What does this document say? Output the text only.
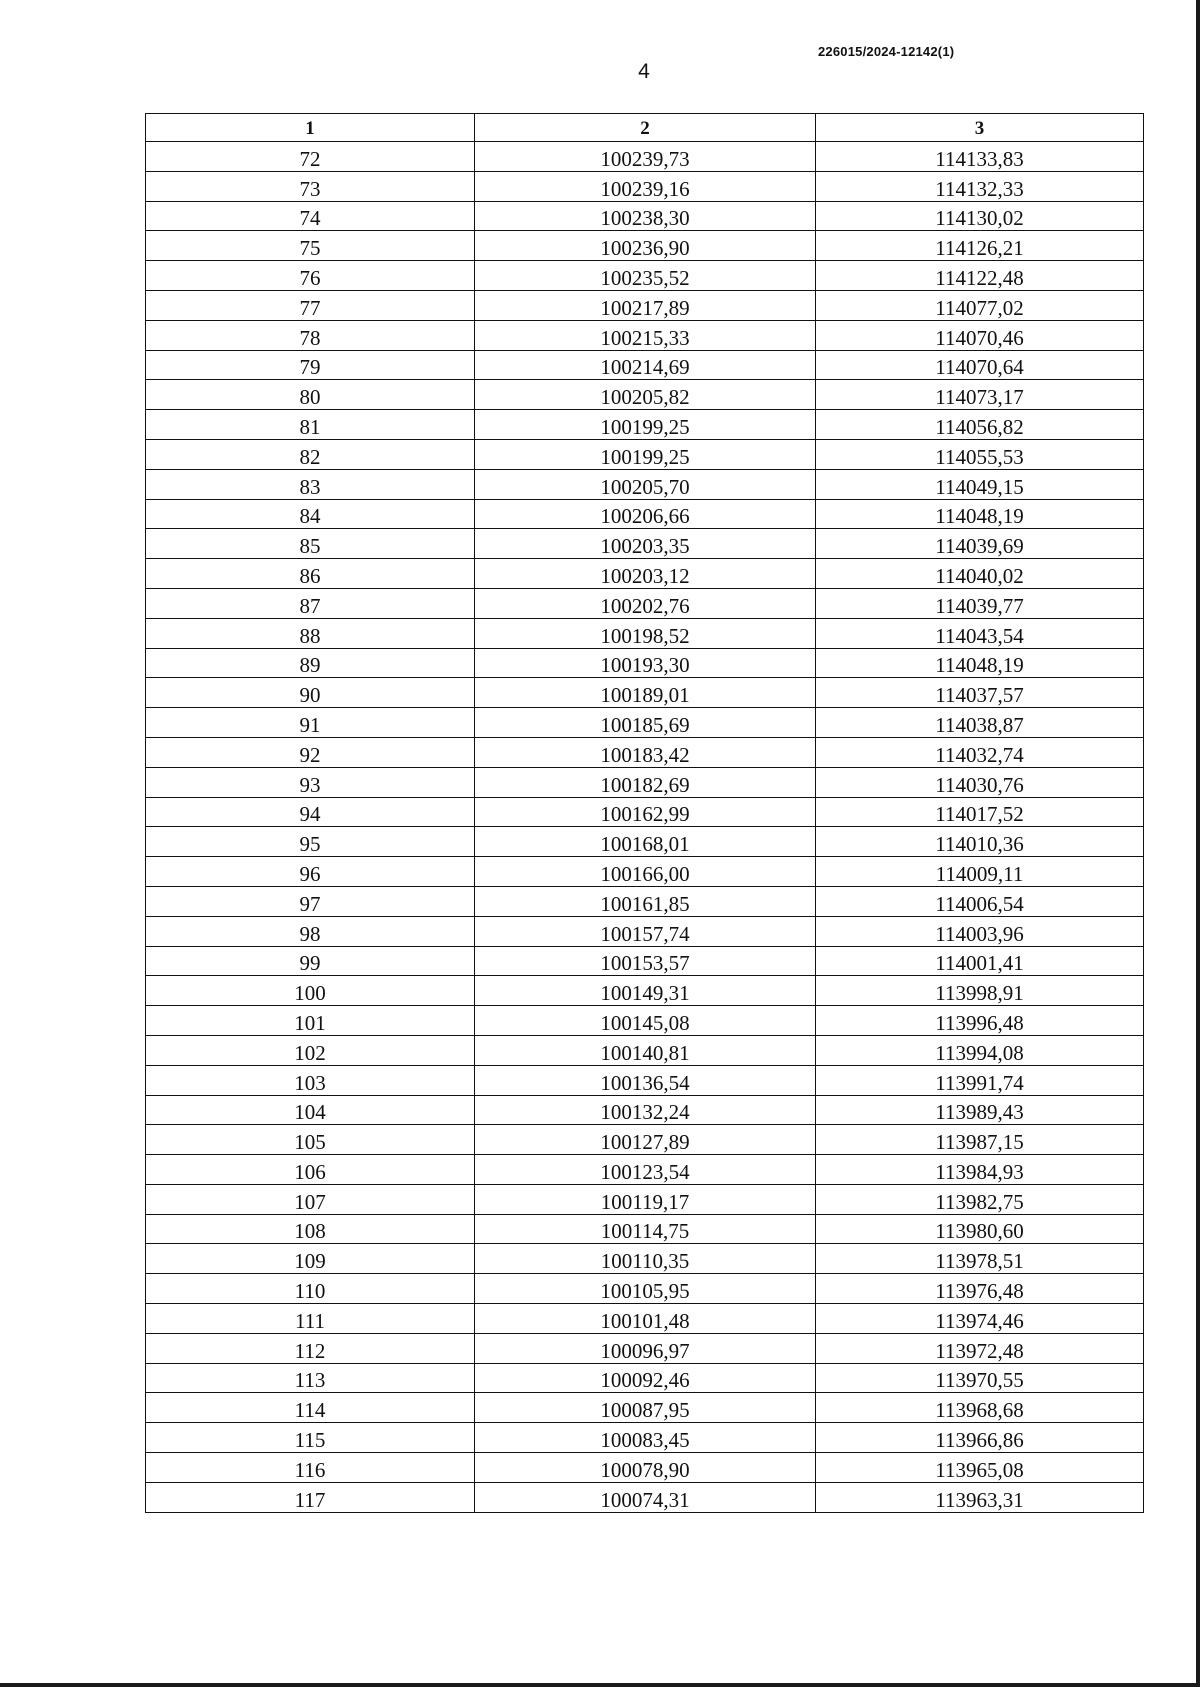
226015/2024-12142(1)
4
1	2	3
72	100239,73	114133,83
73	100239,16	114132,33
74	100238,30	114130,02
75	100236,90	114126,21
76	100235,52	114122,48
77	100217,89	114077,02
78	100215,33	114070,46
79	100214,69	114070,64
80	100205,82	114073,17
81	100199,25	114056,82
82	100199,25	114055,53
83	100205,70	114049,15
84	100206,66	114048,19
85	100203,35	114039,69
86	100203,12	114040,02
87	100202,76	114039,77
88	100198,52	114043,54
89	100193,30	114048,19
90	100189,01	114037,57
91	100185,69	114038,87
92	100183,42	114032,74
93	100182,69	114030,76
94	100162,99	114017,52
95	100168,01	114010,36
96	100166,00	114009,11
97	100161,85	114006,54
98	100157,74	114003,96
99	100153,57	114001,41
100	100149,31	113998,91
101	100145,08	113996,48
102	100140,81	113994,08
103	100136,54	113991,74
104	100132,24	113989,43
105	100127,89	113987,15
106	100123,54	113984,93
107	100119,17	113982,75
108	100114,75	113980,60
109	100110,35	113978,51
110	100105,95	113976,48
111	100101,48	113974,46
112	100096,97	113972,48
113	100092,46	113970,55
114	100087,95	113968,68
115	100083,45	113966,86
116	100078,90	113965,08
117	100074,31	113963,31
